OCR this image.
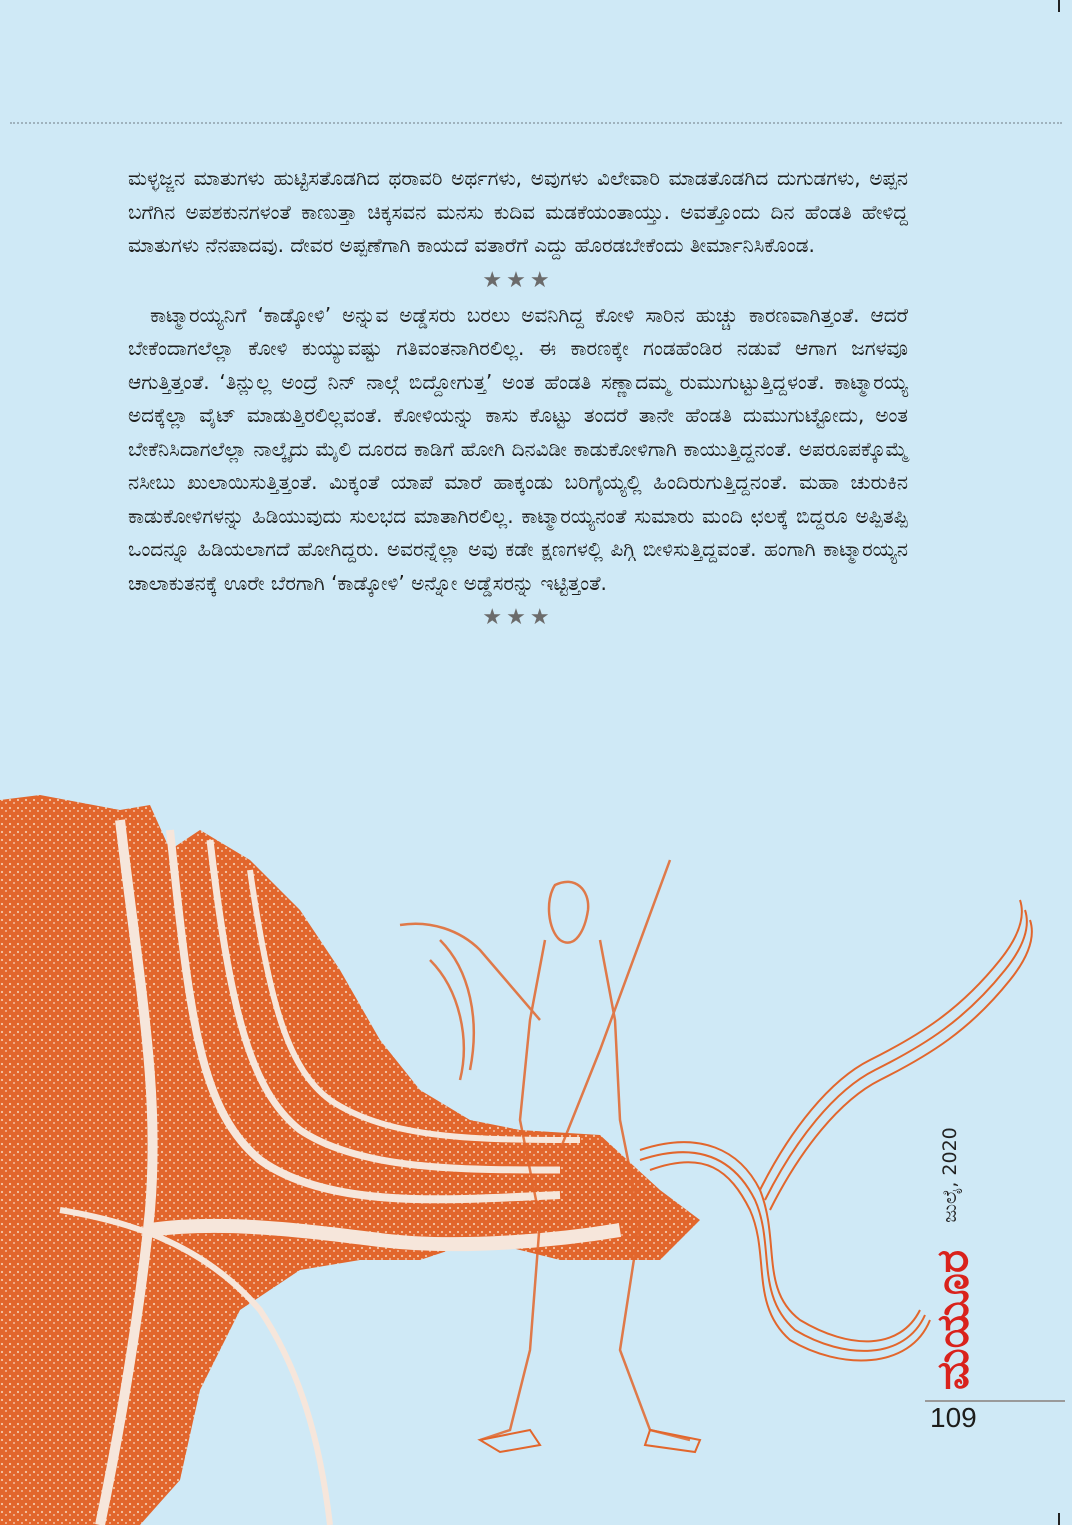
ಮಳ್ಳಜ್ಜನ ಮಾತುಗಳು ಹುಟ್ಟಿಸತೊಡಗಿದ ಥರಾವರಿ ಅರ್ಥಗಳು, ಅವುಗಳು ವಿಲೇವಾರಿ ಮಾಡತೊಡಗಿದ ದುಗುಡಗಳು, ಅಪ್ಪನ ಬಗೆಗಿನ ಅಪಶಕುನಗಳಂತೆ ಕಾಣುತ್ತಾ ಚಿಕ್ಕಸವನ ಮನಸು ಕುದಿವ ಮಡಕೆಯಂತಾಯ್ತು. ಅವತ್ತೊಂದು ದಿನ ಹೆಂಡತಿ ಹೇಳಿದ್ದ ಮಾತುಗಳು ನೆನಪಾದವು. ದೇವರ ಅಪ್ಪಣೆಗಾಗಿ ಕಾಯದೆ ವತಾರೆಗೆ ಎದ್ದು ಹೊರಡಬೇಕೆಂದು ತೀರ್ಮಾನಿಸಿಕೊಂಡ.

★★★

ಕಾಟ್ಮಾರಯ್ಯನಿಗೆ ‘ಕಾಡ್ಕೋಳಿ’ ಅನ್ನುವ ಅಡ್ಡೆಸರು ಬರಲು ಅವನಿಗಿದ್ದ ಕೋಳಿ ಸಾರಿನ ಹುಚ್ಚು ಕಾರಣವಾಗಿತ್ತಂತೆ. ಆದರೆ ಬೇಕೆಂದಾಗಲೆಲ್ಲಾ ಕೋಳಿ ಕುಯ್ಯುವಷ್ಟು ಗತಿವಂತನಾಗಿರಲಿಲ್ಲ. ಈ ಕಾರಣಕ್ಕೇ ಗಂಡಹೆಂಡಿರ ನಡುವೆ ಆಗಾಗ ಜಗಳವೂ ಆಗುತ್ತಿತ್ತಂತೆ. ‘ತಿನ್ಲುಲ್ಲ ಅಂದ್ರೆ ನಿನ್ ನಾಲ್ಗೆ ಬಿದ್ದೋಗುತ್ತ’ ಅಂತ ಹೆಂಡತಿ ಸಣ್ಣಾದಮ್ಮ ರುಮುಗುಟ್ಟುತ್ತಿದ್ದಳಂತೆ. ಕಾಟ್ಮಾರಯ್ಯ ಅದಕ್ಕೆಲ್ಲಾ ವೈಟ್ ಮಾಡುತ್ತಿರಲಿಲ್ಲವಂತೆ. ಕೋಳಿಯನ್ನು ಕಾಸು ಕೊಟ್ಟು ತಂದರೆ ತಾನೇ ಹೆಂಡತಿ ದುಮುಗುಟ್ಟೋದು, ಅಂತ ಬೇಕೆನಿಸಿದಾಗಲೆಲ್ಲಾ ನಾಲ್ಕೈದು ಮೈಲಿ ದೂರದ ಕಾಡಿಗೆ ಹೋಗಿ ದಿನವಿಡೀ ಕಾಡುಕೋಳಿಗಾಗಿ ಕಾಯುತ್ತಿದ್ದನಂತೆ. ಅಪರೂಪಕ್ಕೊಮ್ಮೆ ನಸೀಬು ಖುಲಾಯಿಸುತ್ತಿತ್ತಂತೆ. ಮಿಕ್ಕಂತೆ ಯಾಪೆ ಮಾರೆ ಹಾಕ್ಕಂಡು ಬರಿಗೈಯ್ಯಲ್ಲಿ ಹಿಂದಿರುಗುತ್ತಿದ್ದನಂತೆ. ಮಹಾ ಚುರುಕಿನ ಕಾಡುಕೋಳಿಗಳನ್ನು ಹಿಡಿಯುವುದು ಸುಲಭದ ಮಾತಾಗಿರಲಿಲ್ಲ. ಕಾಟ್ಮಾರಯ್ಯನಂತೆ ಸುಮಾರು ಮಂದಿ ಛಲಕ್ಕೆ ಬಿದ್ದರೂ ಅಪ್ಪಿತಪ್ಪಿ ಒಂದನ್ನೂ ಹಿಡಿಯಲಾಗದೆ ಹೋಗಿದ್ದರು. ಅವರನ್ನೆಲ್ಲಾ ಅವು ಕಡೇ ಕ್ಷಣಗಳಲ್ಲಿ ಪಿಗ್ಗಿ ಬೀಳಿಸುತ್ತಿದ್ದವಂತೆ. ಹಂಗಾಗಿ ಕಾಟ್ಮಾರಯ್ಯನ ಚಾಲಾಕುತನಕ್ಕೆ ಊರೇ ಬೆರಗಾಗಿ ‘ಕಾಡ್ಕೋಳಿ’ ಅನ್ನೋ ಅಡ್ಡೆಸರನ್ನು ಇಟ್ಟಿತ್ತಂತೆ.

★★★
ಜುಲೈ, 2020
ಮಯೂರ
109
